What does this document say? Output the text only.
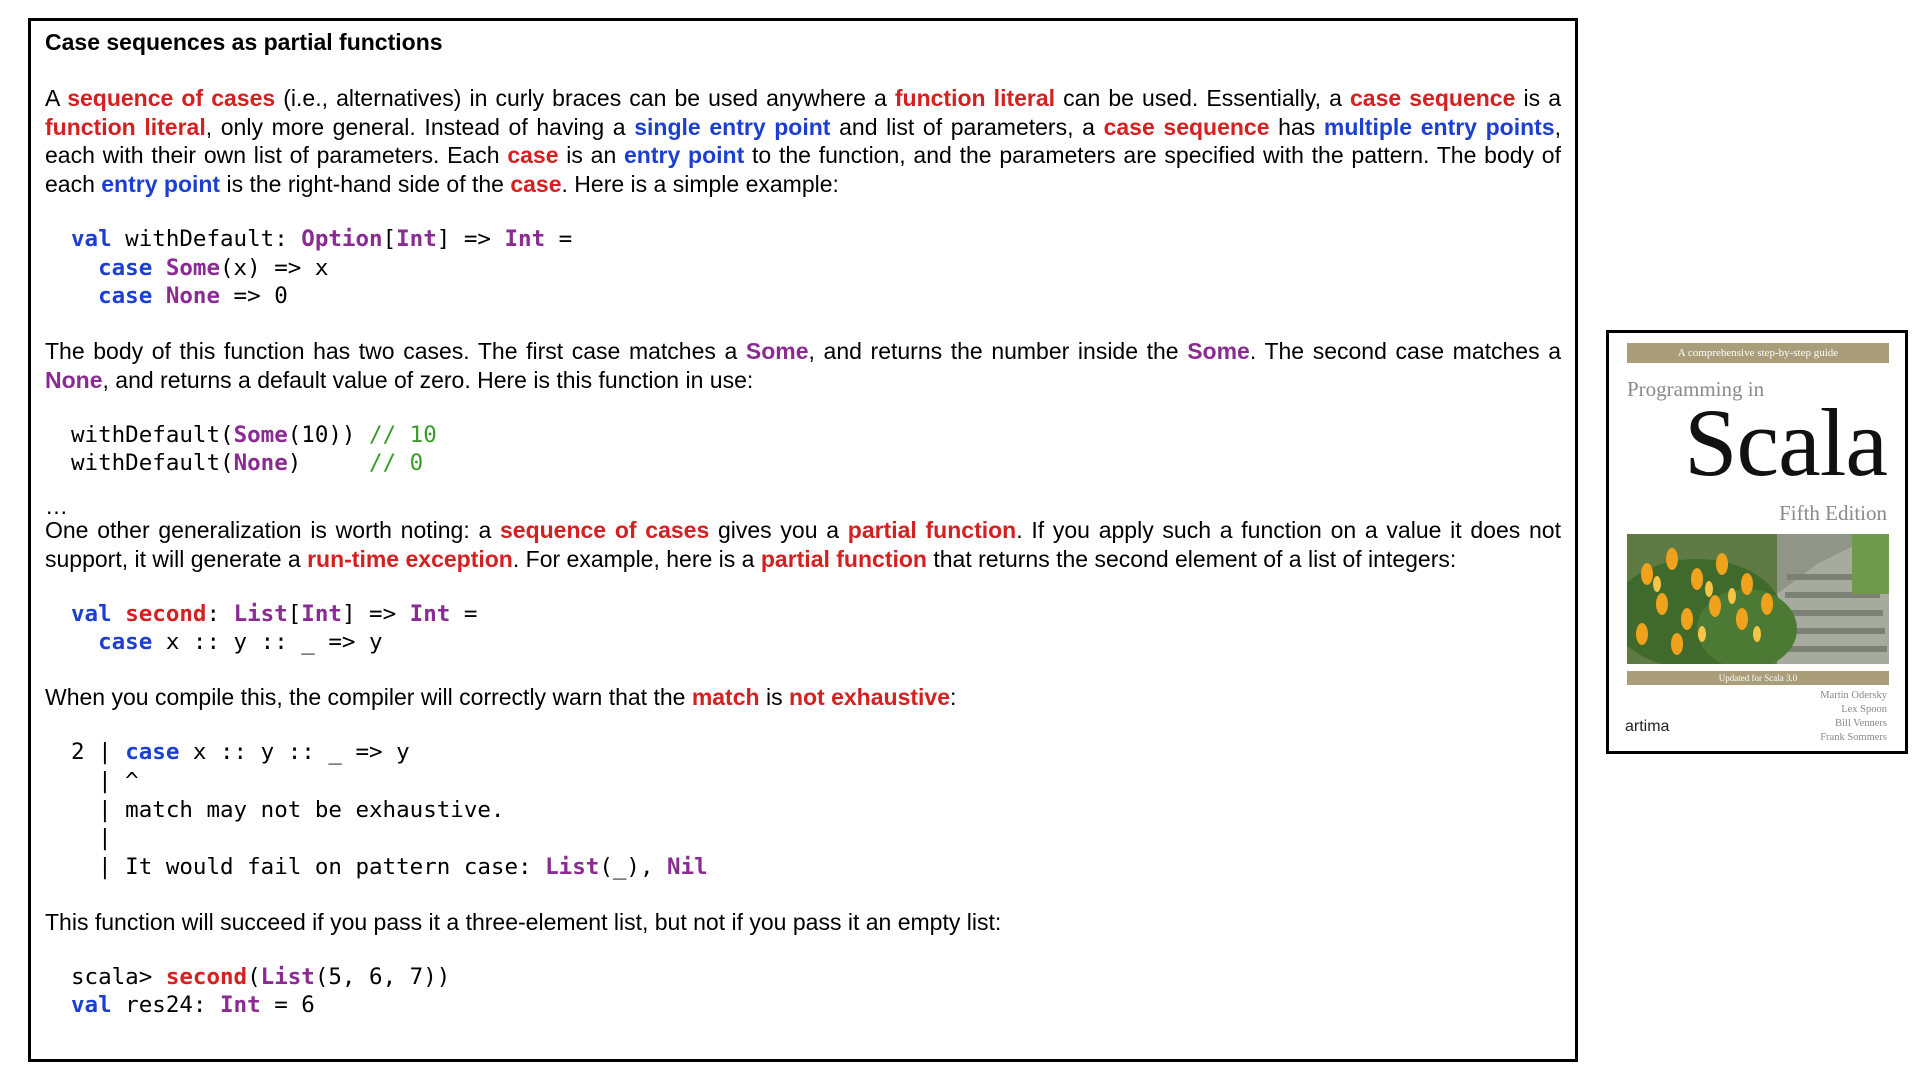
Case sequences as partial functions

A sequence of cases (i.e., alternatives) in curly braces can be used anywhere a function literal can be used. Essentially, a case sequence is a function literal, only more general. Instead of having a single entry point and list of parameters, a case sequence has multiple entry points, each with their own list of parameters. Each case is an entry point to the function, and the parameters are specified with the pattern. The body of each entry point is the right-hand side of the case. Here is a simple example:

val withDefault: Option[Int] => Int =
case Some(x) => x
case None => 0

The body of this function has two cases. The first case matches a Some, and returns the number inside the Some. The second case matches a None, and returns a default value of zero. Here is this function in use:

withDefault(Some(10)) // 10
withDefault(None)     // 0
…

One other generalization is worth noting: a sequence of cases gives you a partial function. If you apply such a function on a value it does not support, it will generate a run-time exception. For example, here is a partial function that returns the second element of a list of integers:

val second: List[Int] => Int =
case x :: y :: _ => y

When you compile this, the compiler will correctly warn that the match is not exhaustive:

2 | case x :: y :: _ => y
| ^
| match may not be exhaustive.
|
| It would fail on pattern case: List(_), Nil

This function will succeed if you pass it a three-element list, but not if you pass it an empty list:

scala> second(List(5, 6, 7))
val res24: Int = 6
A comprehensive step-by-step guide
Programming in
Scala
Fifth Edition
Updated for Scala 3.0
artima
Martin Odersky
Lex Spoon
Bill Venners
Frank Sommers
